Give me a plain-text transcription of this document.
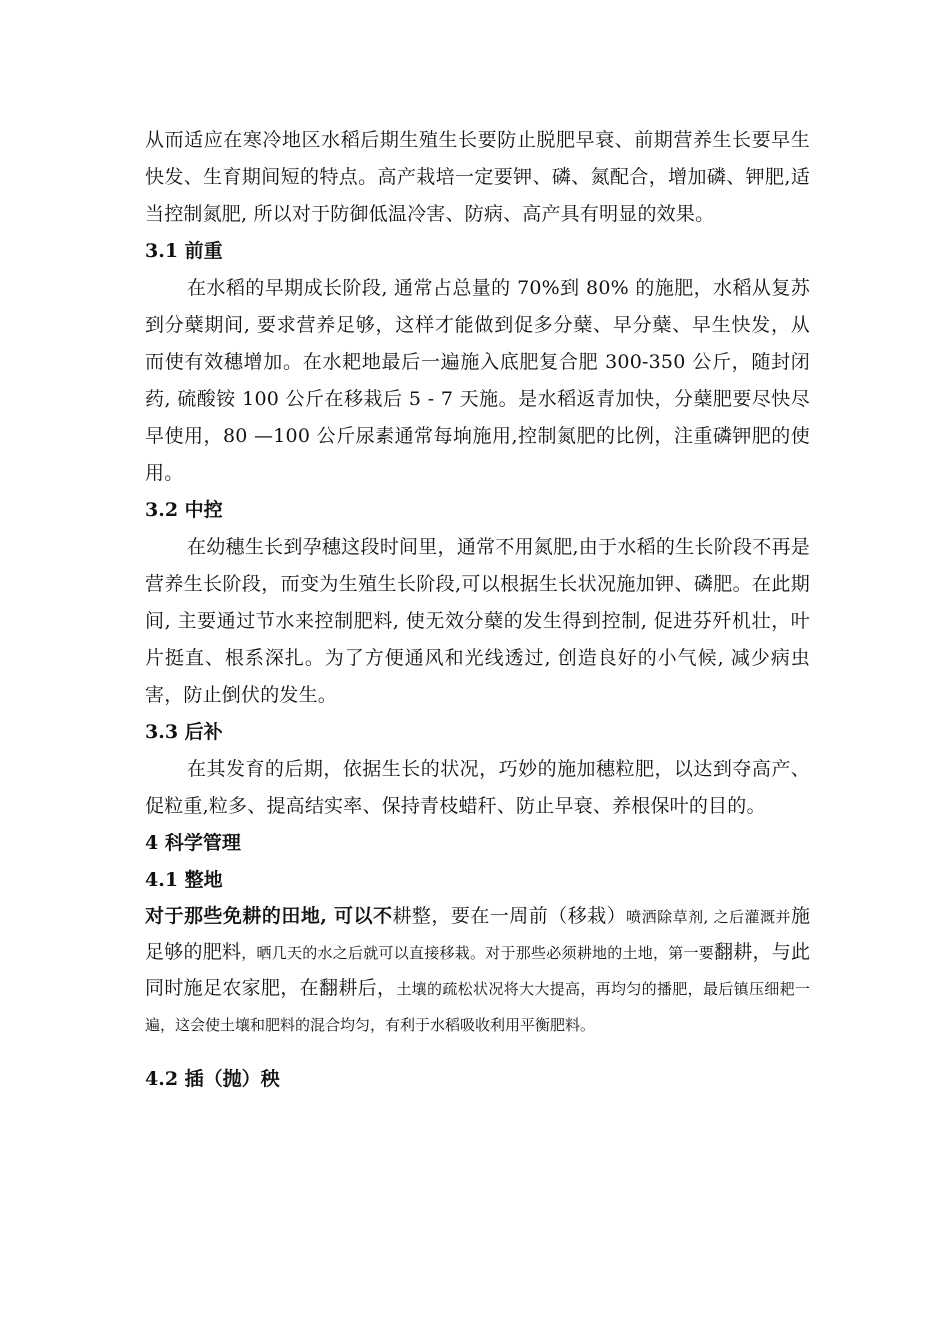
从而适应在寒冷地区水稻后期生殖生长要防止脱肥早衰、前期营养生长要早生快发、生育期间短的特点。高产栽培一定要钾、磷、氮配合，增加磷、钾肥,适当控制氮肥, 所以对于防御低温冷害、防病、高产具有明显的效果。

3.1 前重

在水稻的早期成长阶段, 通常占总量的 70%到 80% 的施肥，水稻从复苏到分蘖期间, 要求营养足够，这样才能做到促多分蘖、早分蘖、早生快发，从而使有效穗增加。在水耙地最后一遍施入底肥复合肥 300-350 公斤，随封闭药, 硫酸铵 100 公斤在移栽后 5 - 7 天施。是水稻返青加快，分蘖肥要尽快尽早使用，80 —100 公斤尿素通常每垧施用,控制氮肥的比例，注重磷钾肥的使用。

3.2 中控

在幼穗生长到孕穗这段时间里，通常不用氮肥,由于水稻的生长阶段不再是营养生长阶段，而变为生殖生长阶段,可以根据生长状况施加钾、磷肥。在此期间, 主要通过节水来控制肥料, 使无效分蘖的发生得到控制, 促进芬歼机壮，叶片挺直、根系深扎。为了方便通风和光线透过, 创造良好的小气候, 减少病虫害，防止倒伏的发生。

3.3 后补

在其发育的后期，依据生长的状况，巧妙的施加穗粒肥，以达到夺高产、促粒重,粒多、提高结实率、保持青枝蜡秆、防止早衰、养根保叶的目的。

4 科学管理

4.1 整地

对于那些免耕的田地, 可以不耕整，要在一周前（移栽）喷洒除草剂, 之后灌溉并施足够的肥料，晒几天的水之后就可以直接移栽。对于那些必须耕地的土地，第一要翻耕，与此同时施足农家肥，在翻耕后，土壤的疏松状况将大大提高，再均匀的播肥，最后镇压细耙一遍，这会使土壤和肥料的混合均匀，有利于水稻吸收利用平衡肥料。

4.2 插（抛）秧
